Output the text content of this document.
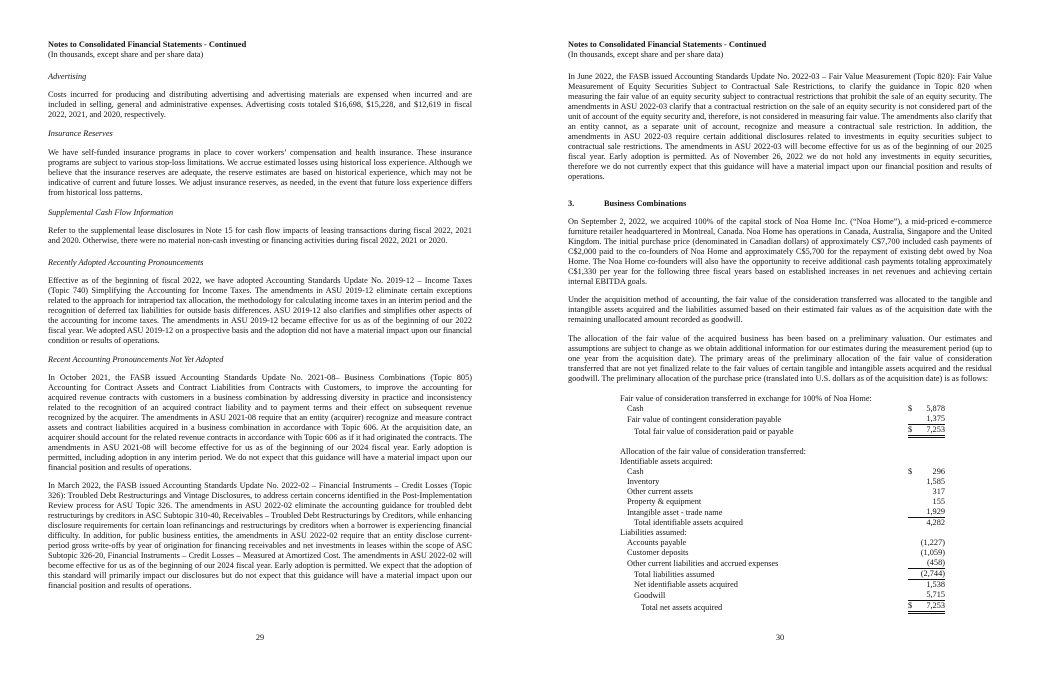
Notes to Consolidated Financial Statements - Continued
(In thousands, except share and per share data)
Advertising

Costs incurred for producing and distributing advertising and advertising materials are expensed when incurred and are included in selling, general and administrative expenses. Advertising costs totaled $16,698, $15,228, and $12,619 in fiscal 2022, 2021, and 2020, respectively.

Insurance Reserves

We have self-funded insurance programs in place to cover workers’ compensation and health insurance. These insurance programs are subject to various stop-loss limitations. We accrue estimated losses using historical loss experience. Although we believe that the insurance reserves are adequate, the reserve estimates are based on historical experience, which may not be indicative of current and future losses. We adjust insurance reserves, as needed, in the event that future loss experience differs from historical loss patterns.

Supplemental Cash Flow Information

Refer to the supplemental lease disclosures in Note 15 for cash flow impacts of leasing transactions during fiscal 2022, 2021 and 2020. Otherwise, there were no material non-cash investing or financing activities during fiscal 2022, 2021 or 2020.

Recently Adopted Accounting Pronouncements

Effective as of the beginning of fiscal 2022, we have adopted Accounting Standards Update No. 2019-12 – Income Taxes (Topic 740) Simplifying the Accounting for Income Taxes. The amendments in ASU 2019-12 eliminate certain exceptions related to the approach for intraperiod tax allocation, the methodology for calculating income taxes in an interim period and the recognition of deferred tax liabilities for outside basis differences. ASU 2019-12 also clarifies and simplifies other aspects of the accounting for income taxes. The amendments in ASU 2019-12 became effective for us as of the beginning of our 2022 fiscal year. We adopted ASU 2019-12 on a prospective basis and the adoption did not have a material impact upon our financial condition or results of operations.

Recent Accounting Pronouncements Not Yet Adopted

In October 2021, the FASB issued Accounting Standards Update No. 2021-08– Business Combinations (Topic 805) Accounting for Contract Assets and Contract Liabilities from Contracts with Customers, to improve the accounting for acquired revenue contracts with customers in a business combination by addressing diversity in practice and inconsistency related to the recognition of an acquired contract liability and to payment terms and their effect on subsequent revenue recognized by the acquirer. The amendments in ASU 2021-08 require that an entity (acquirer) recognize and measure contract assets and contract liabilities acquired in a business combination in accordance with Topic 606. At the acquisition date, an acquirer should account for the related revenue contracts in accordance with Topic 606 as if it had originated the contracts. The amendments in ASU 2021-08 will become effective for us as of the beginning of our 2024 fiscal year. Early adoption is permitted, including adoption in any interim period. We do not expect that this guidance will have a material impact upon our financial position and results of operations.

In March 2022, the FASB issued Accounting Standards Update No. 2022-02 – Financial Instruments – Credit Losses (Topic 326): Troubled Debt Restructurings and Vintage Disclosures, to address certain concerns identified in the Post-Implementation Review process for ASU Topic 326. The amendments in ASU 2022-02 eliminate the accounting guidance for troubled debt restructurings by creditors in ASC Subtopic 310-40, Receivables – Troubled Debt Restructurings by Creditors, while enhancing disclosure requirements for certain loan refinancings and restructurings by creditors when a borrower is experiencing financial difficulty. In addition, for public business entities, the amendments in ASU 2022-02 require that an entity disclose current-period gross write-offs by year of origination for financing receivables and net investments in leases within the scope of ASC Subtopic 326-20, Financial Instruments – Credit Losses – Measured at Amortized Cost. The amendments in ASU 2022-02 will become effective for us as of the beginning of our 2024 fiscal year. Early adoption is permitted. We expect that the adoption of this standard will primarily impact our disclosures but do not expect that this guidance will have a material impact upon our financial position and results of operations.

29
Notes to Consolidated Financial Statements - Continued
(In thousands, except share and per share data)

In June 2022, the FASB issued Accounting Standards Update No. 2022-03 – Fair Value Measurement (Topic 820): Fair Value Measurement of Equity Securities Subject to Contractual Sale Restrictions, to clarify the guidance in Topic 820 when measuring the fair value of an equity security subject to contractual restrictions that prohibit the sale of an equity security. The amendments in ASU 2022-03 clarify that a contractual restriction on the sale of an equity security is not considered part of the unit of account of the equity security and, therefore, is not considered in measuring fair value. The amendments also clarify that an entity cannot, as a separate unit of account, recognize and measure a contractual sale restriction. In addition, the amendments in ASU 2022-03 require certain additional disclosures related to investments in equity securities subject to contractual sale restrictions. The amendments in ASU 2022-03 will become effective for us as of the beginning of our 2025 fiscal year. Early adoption is permitted. As of November 26, 2022 we do not hold any investments in equity securities, therefore we do not currently expect that this guidance will have a material impact upon our financial position and results of operations.

3.	Business Combinations

On September 2, 2022, we acquired 100% of the capital stock of Noa Home Inc. (“Noa Home”), a mid-priced e-commerce furniture retailer headquartered in Montreal, Canada. Noa Home has operations in Canada, Australia, Singapore and the United Kingdom. The initial purchase price (denominated in Canadian dollars) of approximately C$7,700 included cash payments of C$2,000 paid to the co-founders of Noa Home and approximately C$5,700 for the repayment of existing debt owed by Noa Home. The Noa Home co-founders will also have the opportunity to receive additional cash payments totaling approximately C$1,330 per year for the following three fiscal years based on established increases in net revenues and achieving certain internal EBITDA goals.

Under the acquisition method of accounting, the fair value of the consideration transferred was allocated to the tangible and intangible assets acquired and the liabilities assumed based on their estimated fair values as of the acquisition date with the remaining unallocated amount recorded as goodwill.

The allocation of the fair value of the acquired business has been based on a preliminary valuation. Our estimates and assumptions are subject to change as we obtain additional information for our estimates during the measurement period (up to one year from the acquisition date). The primary areas of the preliminary allocation of the fair value of consideration transferred that are not yet finalized relate to the fair values of certain tangible and intangible assets acquired and the residual goodwill. The preliminary allocation of the purchase price (translated into U.S. dollars as of the acquisition date) is as follows:

Fair value of consideration transferred in exchange for 100% of Noa Home:		
Cash	$	5,878
Fair value of contingent consideration payable		1,375
Total fair value of consideration paid or payable	$	7,253

Allocation of the fair value of consideration transferred:		
Identifiable assets acquired:		
Cash	$	296
Inventory		1,585
Other current assets		317
Property & equipment		155
Intangible asset - trade name		1,929
Total identifiable assets acquired		4,282
Liabilities assumed:		
Accounts payable		(1,227)
Customer deposits		(1,059)
Other current liabilities and accrued expenses		(458)
Total liabilities assumed		(2,744)
Net identifiable assets acquired		1,538
Goodwill		5,715
Total net assets acquired	$	7,253
30
